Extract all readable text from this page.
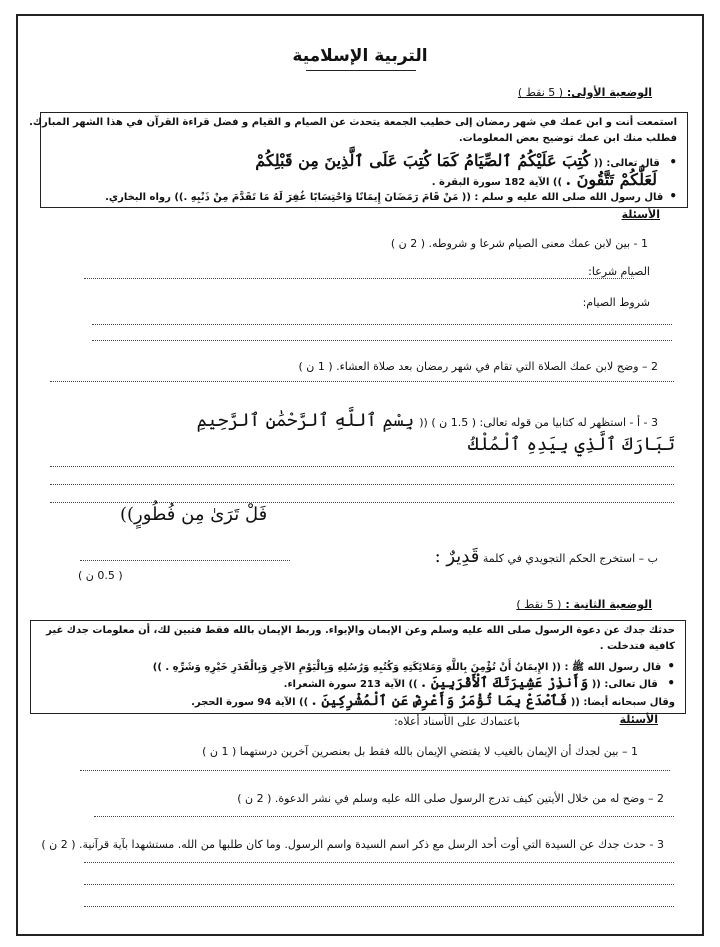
التربية الإسلامية
الوضعية الأولى: ( 5 نقط )
استمعت أنت و ابن عمك في شهر رمضان إلى خطيب الجمعة يتحدث عن الصيام و القيام و فضل قراءة القرآن في هذا الشهر المبارك.
فطلب منك ابن عمك توضيح بعض المعلومات.
• قال تعالى: (( كُتِبَ عَلَيْكُمُ ٱلصِّيَامُ كَمَا كُتِبَ عَلَى ٱلَّذِينَ مِن قَبْلِكُمْ
لَعَلَّكُمْ تَتَّقُونَ . )) الآية 182 سورة البقرة .
• قال رسول الله صلى الله عليه و سلم : (( مَنْ قَامَ رَمَضَانَ إِيمَانًا وَاحْتِسَابًا غُفِرَ لَهُ مَا تَقَدَّمَ مِنْ ذَنْبِهِ .)) رواه البخاري.
الأسئلة
1 - بين لابن عمك معنى الصيام شرعا و شروطه. ( 2 ن )
الصيام شرعا:
شروط الصيام:
2 – وضح لابن عمك الصلاة التي تقام في شهر رمضان بعد صلاة العشاء. ( 1 ن )
3 - أ - استظهر له كتابيا من قوله تعالى: ( 1.5 ن ) (( بِسْمِ ٱللَّهِ ٱلرَّحْمَٰنِ ٱلرَّحِيمِ
تَبَارَكَ ٱلَّذِي بِيَدِهِ ٱلْمُلْكُ
فَلْ تَرَىٰ مِن فُطُورٍ))
ب – استخرج الحكم التجويدي في كلمة قَدِيرٌ :
( 0.5 ن )
الوضعية الثانية : ( 5 نقط )
حدثك جدك عن دعوة الرسول صلى الله عليه وسلم وعن الإيمان والإيواء. وربط الإيمان بالله فقط فتبين لك، أن معلومات جدك غير
كافية فتدخلت .
• قال رسول الله ﷺ : (( الإِيمَانُ أَنْ تُؤْمِنَ بِاللَّهِ وَمَلائِكَتِهِ وَكُتُبِهِ وَرُسُلِهِ وَبِالْيَوْمِ الآخِرِ وَبِالْقَدَرِ خَيْرِهِ وَشَرِّهِ . ))
• قال تعالى: (( وَأَنذِرْ عَشِيرَتَكَ ٱلْأَقْرَبِينَ . )) الآية 213 سورة الشعراء.
وقال سبحانه أيضا: (( فَٱصْدَعْ بِمَا تُؤْمَرُ وَأَعْرِضْ عَنِ ٱلْمُشْرِكِينَ . )) الآية 94 سورة الحجر.
الأسئلة
باعتمادك على الأسناد أعلاه:
1 – بين لجدك أن الإيمان بالغيب لا يقتضي الإيمان بالله فقط بل بعنصرين آخرين درستهما ( 1 ن )
2 – وضح له من خلال الأيتين كيف تدرج الرسول صلى الله عليه وسلم في نشر الدعوة. ( 2 ن )
3 - حدث جدك عن السيدة التي أوت أحد الرسل مع ذكر اسم السيدة واسم الرسول. وما كان طلبها من الله. مستشهدا بآية قرآنية. ( 2 ن )
